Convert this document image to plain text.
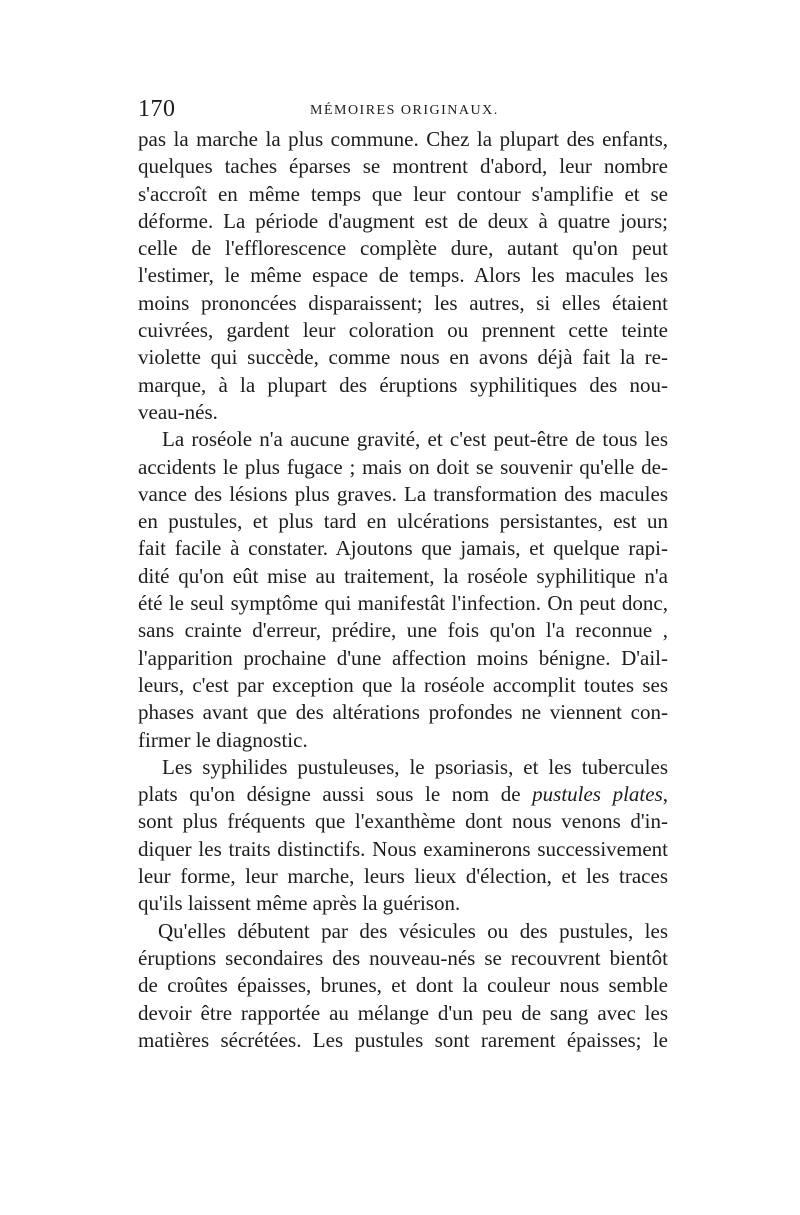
170	MÉMOIRES ORIGINAUX.
pas la marche la plus commune. Chez la plupart des enfants,
quelques taches éparses se montrent d'abord, leur nombre
s'accroît en même temps que leur contour s'amplifie et se
déforme. La période d'augment est de deux à quatre jours;
celle de l'efflorescence complète dure, autant qu'on peut
l'estimer, le même espace de temps. Alors les macules les
moins prononcées disparaissent; les autres, si elles étaient
cuivrées, gardent leur coloration ou prennent cette teinte
violette qui succède, comme nous en avons déjà fait la re-
marque, à la plupart des éruptions syphilitiques des nou-
veau-nés.
La roséole n'a aucune gravité, et c'est peut-être de tous les
accidents le plus fugace ; mais on doit se souvenir qu'elle de-
vance des lésions plus graves. La transformation des macules
en pustules, et plus tard en ulcérations persistantes, est un
fait facile à constater. Ajoutons que jamais, et quelque rapi-
dité qu'on eût mise au traitement, la roséole syphilitique n'a
été le seul symptôme qui manifestât l'infection. On peut donc,
sans crainte d'erreur, prédire, une fois qu'on l'a reconnue ,
l'apparition prochaine d'une affection moins bénigne. D'ail-
leurs, c'est par exception que la roséole accomplit toutes ses
phases avant que des altérations profondes ne viennent con-
firmer le diagnostic.
Les syphilides pustuleuses, le psoriasis, et les tubercules
plats qu'on désigne aussi sous le nom de pustules plates,
sont plus fréquents que l'exanthème dont nous venons d'in-
diquer les traits distinctifs. Nous examinerons successivement
leur forme, leur marche, leurs lieux d'élection, et les traces
qu'ils laissent même après la guérison.
Qu'elles débutent par des vésicules ou des pustules, les
éruptions secondaires des nouveau-nés se recouvrent bientôt
de croûtes épaisses, brunes, et dont la couleur nous semble
devoir être rapportée au mélange d'un peu de sang avec les
matières sécrétées. Les pustules sont rarement épaisses; le
